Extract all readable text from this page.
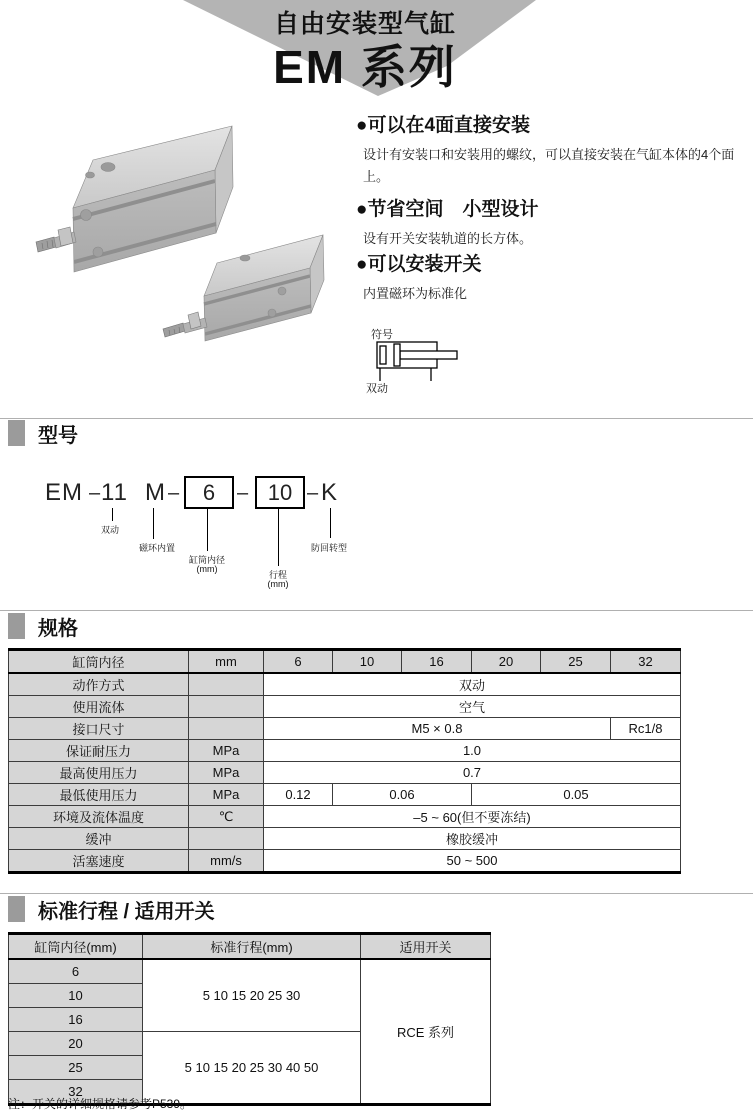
自由安装型气缸
EM 系列
●可以在4面直接安装
设计有安装口和安装用的螺纹，可以直接安装在气缸本体的4个面上。
●节省空间　小型设计
设有开关安装轨道的长方体。
●可以安装开关
内置磁环为标准化
符号
双动
型号
EM – 11 M –	6	– 10 – K
双动
磁环内置
缸筒内径
(mm)
行程
(mm)
防回转型
规格
缸筒内径	mm	6	10	16	20	25	32
动作方式		双动					
使用流体		空气					
接口尺寸		M5 × 0.8					Rc1/8
保证耐压力	MPa	1.0					
最高使用压力	MPa	0.7					
最低使用压力	MPa	0.12	0.06		0.05		
环境及流体温度	℃	–5 ~ 60(但不要冻结)					
缓冲		橡胶缓冲					
活塞速度	mm/s	50 ~ 500					
标准行程 / 适用开关
缸筒内径(mm)	标准行程(mm)	适用开关
6	5 10 15 20 25 30	RCE 系列
10		
16		
20	5 10 15 20 25 30 40 50	
25		
32		
注：开关的详细规格请参考P539。
